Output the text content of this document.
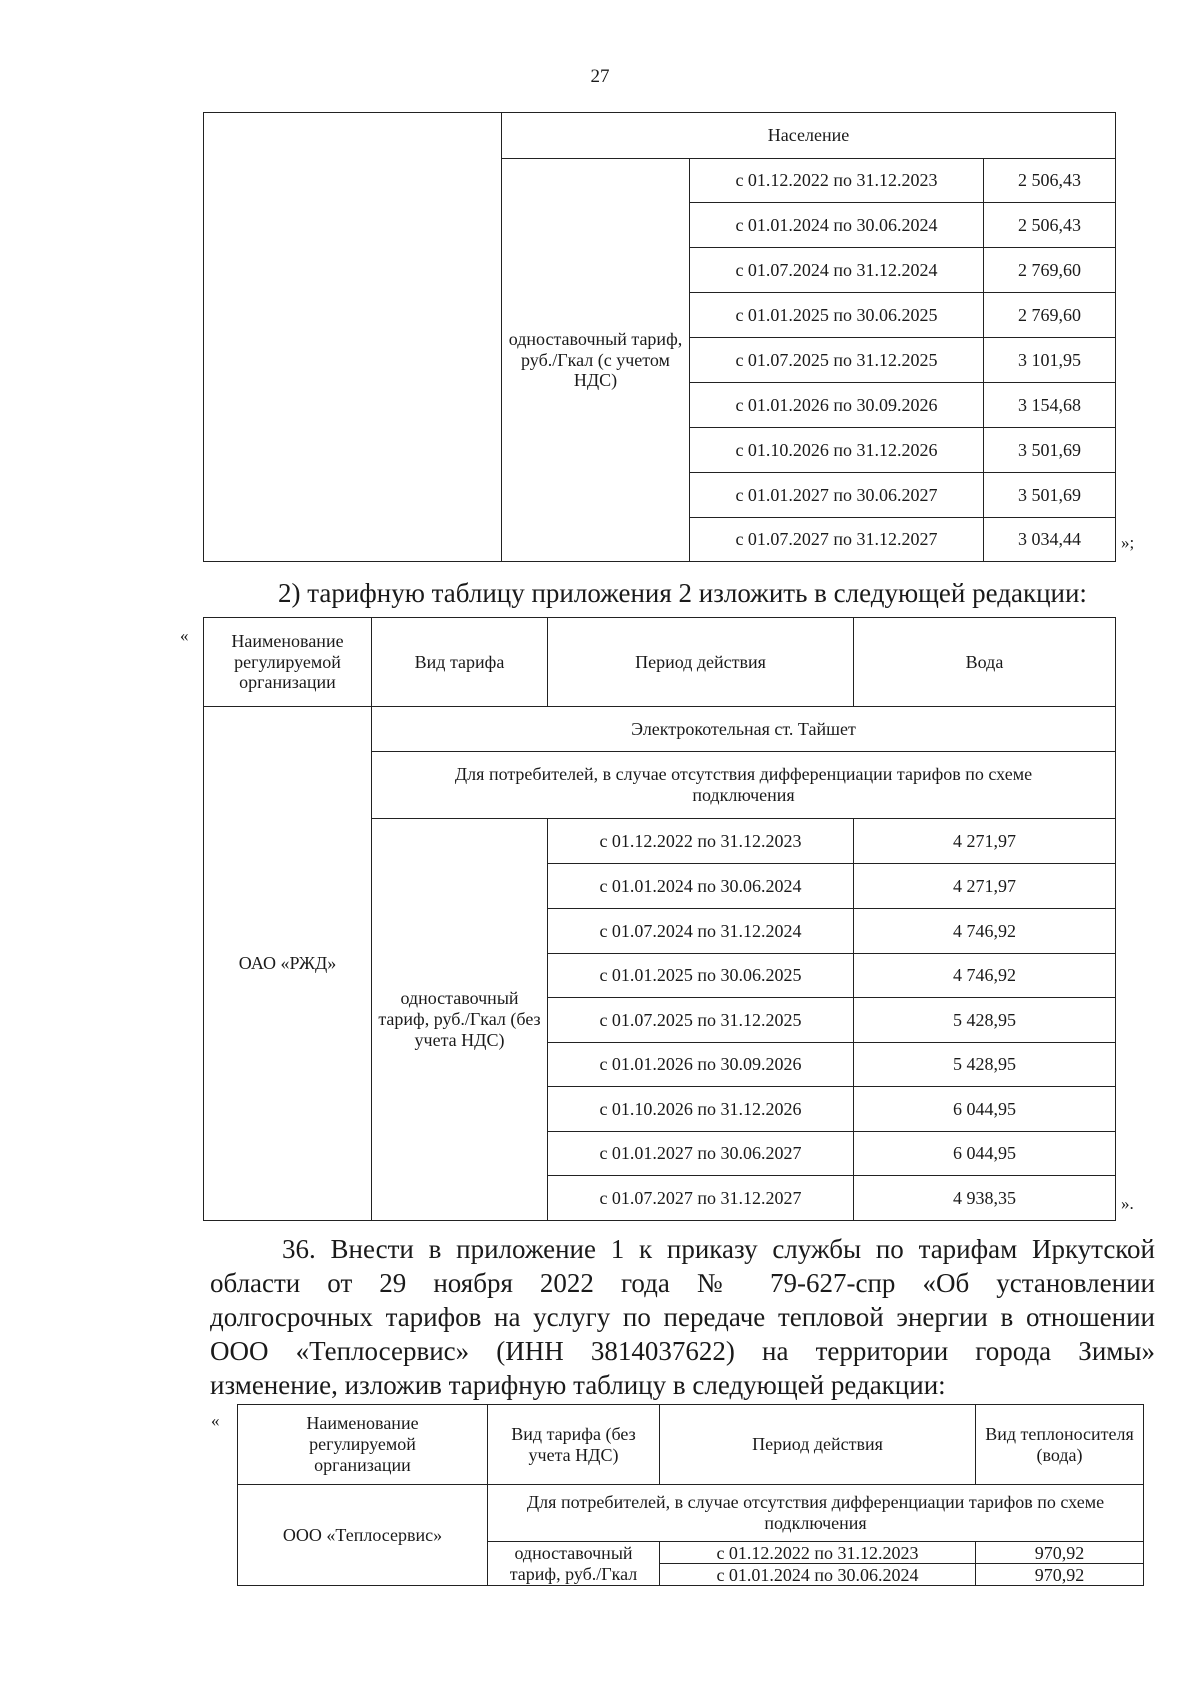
27
	Население		
	одноставочный тариф, руб./Гкал (с учетом НДС)	с 01.12.2022 по 31.12.2023	2 506,43
		с 01.01.2024 по 30.06.2024	2 506,43
		с 01.07.2024 по 31.12.2024	2 769,60
		с 01.01.2025 по 30.06.2025	2 769,60
		с 01.07.2025 по 31.12.2025	3 101,95
		с 01.01.2026 по 30.09.2026	3 154,68
		с 01.10.2026 по 31.12.2026	3 501,69
		с 01.01.2027 по 30.06.2027	3 501,69
		с 01.07.2027 по 31.12.2027	3 034,44 »;
2) тарифную таблицу приложения 2 изложить в следующей редакции:
« Наименование регулируемой организации	Вид тарифа	Период действия	Вода
ОАО «РЖД»	Электрокотельная ст. Тайшет		
	Для потребителей, в случае отсутствия дифференциации тарифов по схеме подключения		
	одноставочный тариф, руб./Гкал (без учета НДС)	с 01.12.2022 по 31.12.2023	4 271,97
		с 01.01.2024 по 30.06.2024	4 271,97
		с 01.07.2024 по 31.12.2024	4 746,92
		с 01.01.2025 по 30.06.2025	4 746,92
		с 01.07.2025 по 31.12.2025	5 428,95
		с 01.01.2026 по 30.09.2026	5 428,95
		с 01.10.2026 по 31.12.2026	6 044,95
		с 01.01.2027 по 30.06.2027	6 044,95
		с 01.07.2027 по 31.12.2027	4 938,35	».
36. Внести в приложение 1 к приказу службы по тарифам Иркутской
области от 29 ноября 2022 года № 79-627-спр «Об установлении
долгосрочных тарифов на услугу по передаче тепловой энергии в отношении
ООО «Теплосервис» (ИНН 3814037622) на территории города Зимы»
изменение, изложив тарифную таблицу в следующей редакции:
«	Наименование регулируемой организации	Вид тарифа (без учета НДС)	Период действия	Вид теплоносителя (вода)
ООО «Теплосервис»	Для потребителей, в случае отсутствия дифференциации тарифов по схеме подключения		
	одноставочный	с 01.12.2022 по 31.12.2023	970,92
	тариф, руб./Гкал	с 01.01.2024 по 30.06.2024	970,92
